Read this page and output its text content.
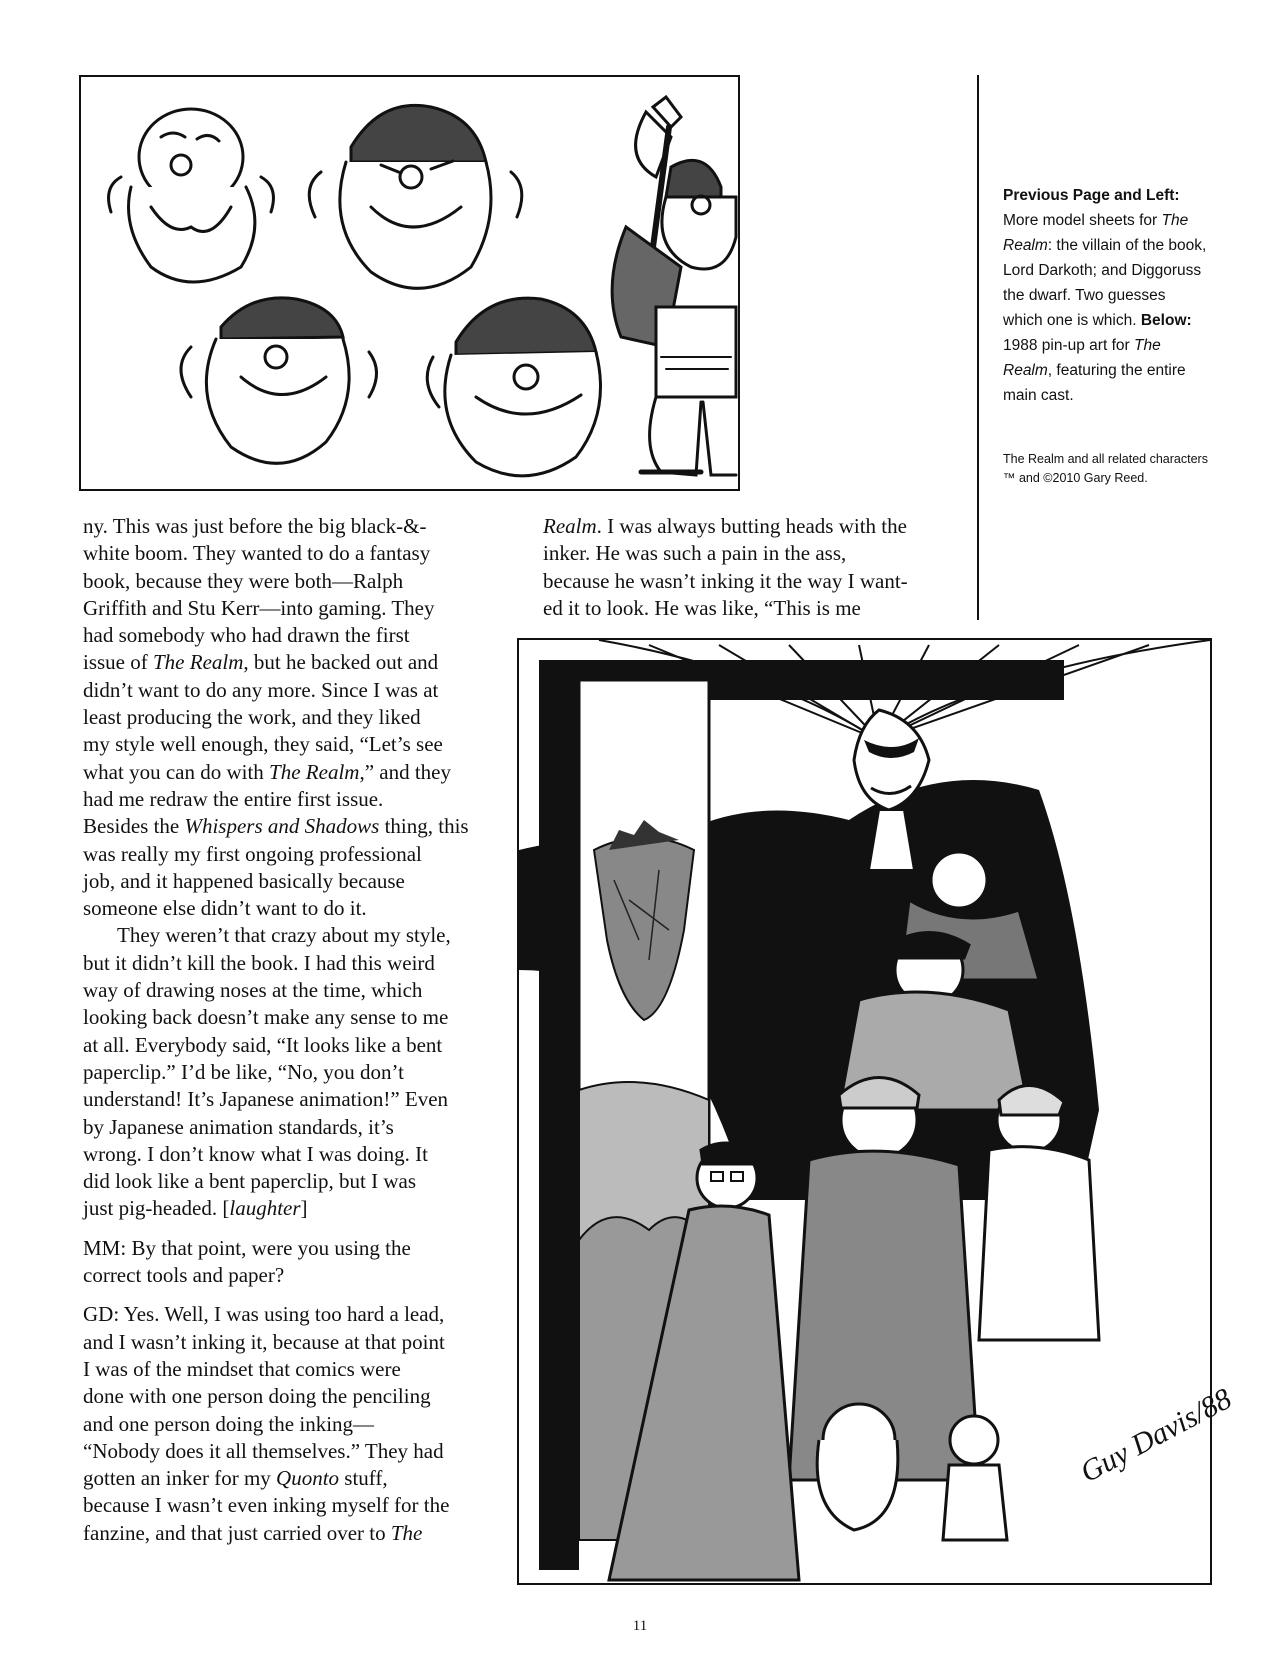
Previous Page and Left: More model sheets for The Realm: the villain of the book, Lord Darkoth; and Diggoruss the dwarf. Two guesses which one is which. Below: 1988 pin-up art for The Realm, featuring the entire main cast.
The Realm and all related characters ™ and ©2010 Gary Reed.

ny. This was just before the big black-&-
white boom. They wanted to do a fantasy
book, because they were both—Ralph
Griffith and Stu Kerr—into gaming. They
had somebody who had drawn the first
issue of The Realm, but he backed out and
didn’t want to do any more. Since I was at
least producing the work, and they liked
my style well enough, they said, “Let’s see
what you can do with The Realm,” and they
had me redraw the entire first issue.
Besides the Whispers and Shadows thing, this
was really my first ongoing professional
job, and it happened basically because
someone else didn’t want to do it.

They weren’t that crazy about my style,
but it didn’t kill the book. I had this weird
way of drawing noses at the time, which
looking back doesn’t make any sense to me
at all. Everybody said, “It looks like a bent
paperclip.” I’d be like, “No, you don’t
understand! It’s Japanese animation!” Even
by Japanese animation standards, it’s
wrong. I don’t know what I was doing. It
did look like a bent paperclip, but I was
just pig-headed. [laughter]

MM: By that point, were you using the
correct tools and paper?

GD: Yes. Well, I was using too hard a lead,
and I wasn’t inking it, because at that point
I was of the mindset that comics were
done with one person doing the penciling
and one person doing the inking—
“Nobody does it all themselves.” They had
gotten an inker for my Quonto stuff,
because I wasn’t even inking myself for the
fanzine, and that just carried over to The

Realm. I was always butting heads with the
inker. He was such a pain in the ass,
because he wasn’t inking it the way I want-
ed it to look. He was like, “This is me

Guy Davis/88
11
